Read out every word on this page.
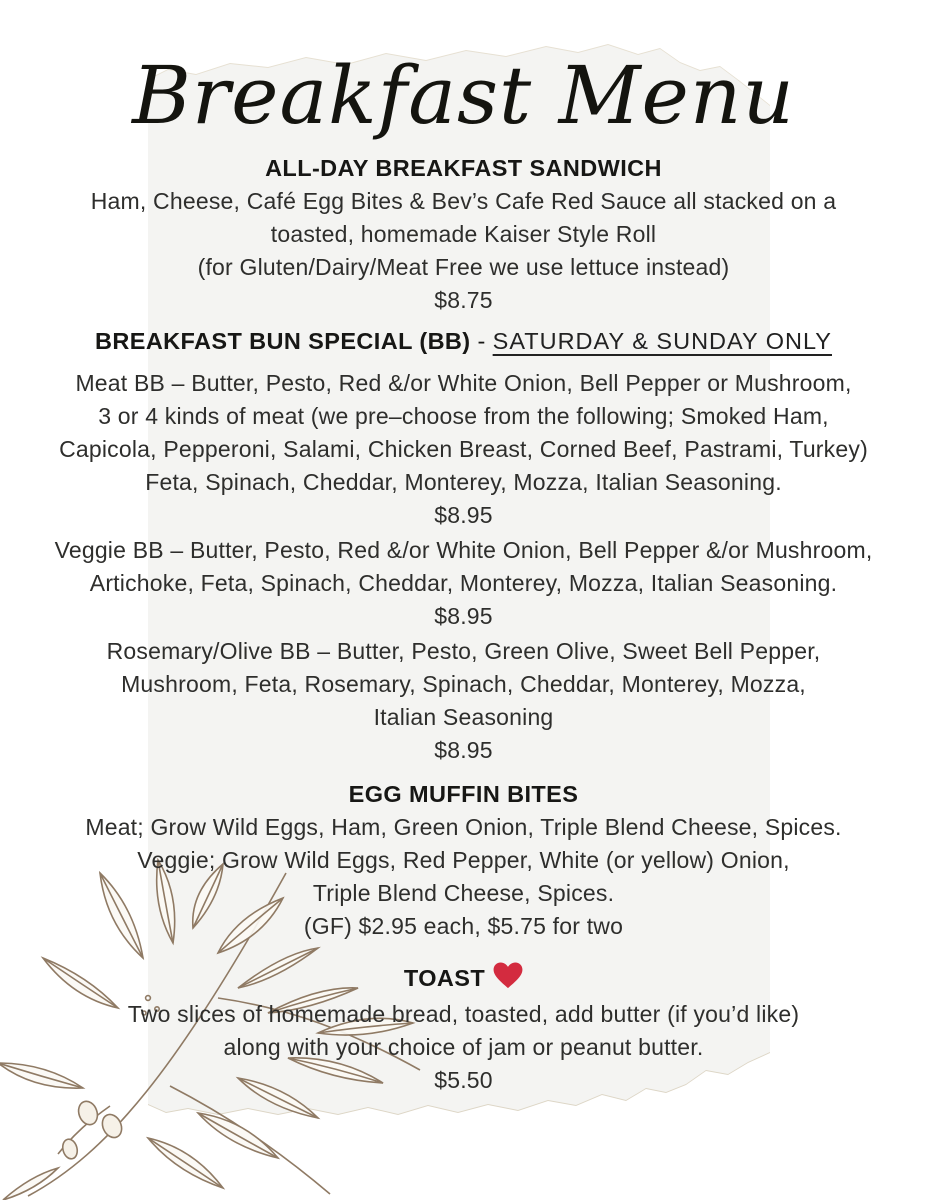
Breakfast Menu
ALL-DAY BREAKFAST SANDWICH
Ham, Cheese, Café Egg Bites & Bev’s Cafe Red Sauce all stacked on a
toasted, homemade Kaiser Style Roll
(for Gluten/Dairy/Meat Free we use lettuce instead)
$8.75
BREAKFAST BUN SPECIAL (BB) - SATURDAY & SUNDAY ONLY
Meat BB – Butter, Pesto, Red &/or White Onion, Bell Pepper or Mushroom,
3 or 4 kinds of meat (we pre–choose from the following; Smoked Ham,
Capicola, Pepperoni, Salami, Chicken Breast, Corned Beef, Pastrami, Turkey)
Feta, Spinach, Cheddar, Monterey, Mozza, Italian Seasoning.
$8.95
Veggie BB – Butter, Pesto, Red &/or White Onion, Bell Pepper &/or Mushroom,
Artichoke, Feta, Spinach, Cheddar, Monterey, Mozza, Italian Seasoning.
$8.95
Rosemary/Olive BB – Butter, Pesto, Green Olive, Sweet Bell Pepper,
Mushroom, Feta, Rosemary, Spinach, Cheddar, Monterey, Mozza,
Italian Seasoning
$8.95
EGG MUFFIN BITES
Meat; Grow Wild Eggs, Ham, Green Onion, Triple Blend Cheese, Spices.
Veggie; Grow Wild Eggs, Red Pepper, White (or yellow) Onion,
Triple Blend Cheese, Spices.
(GF) $2.95 each, $5.75 for two
TOAST
Two slices of homemade bread, toasted, add butter (if you’d like)
along with your choice of jam or peanut butter.
$5.50
